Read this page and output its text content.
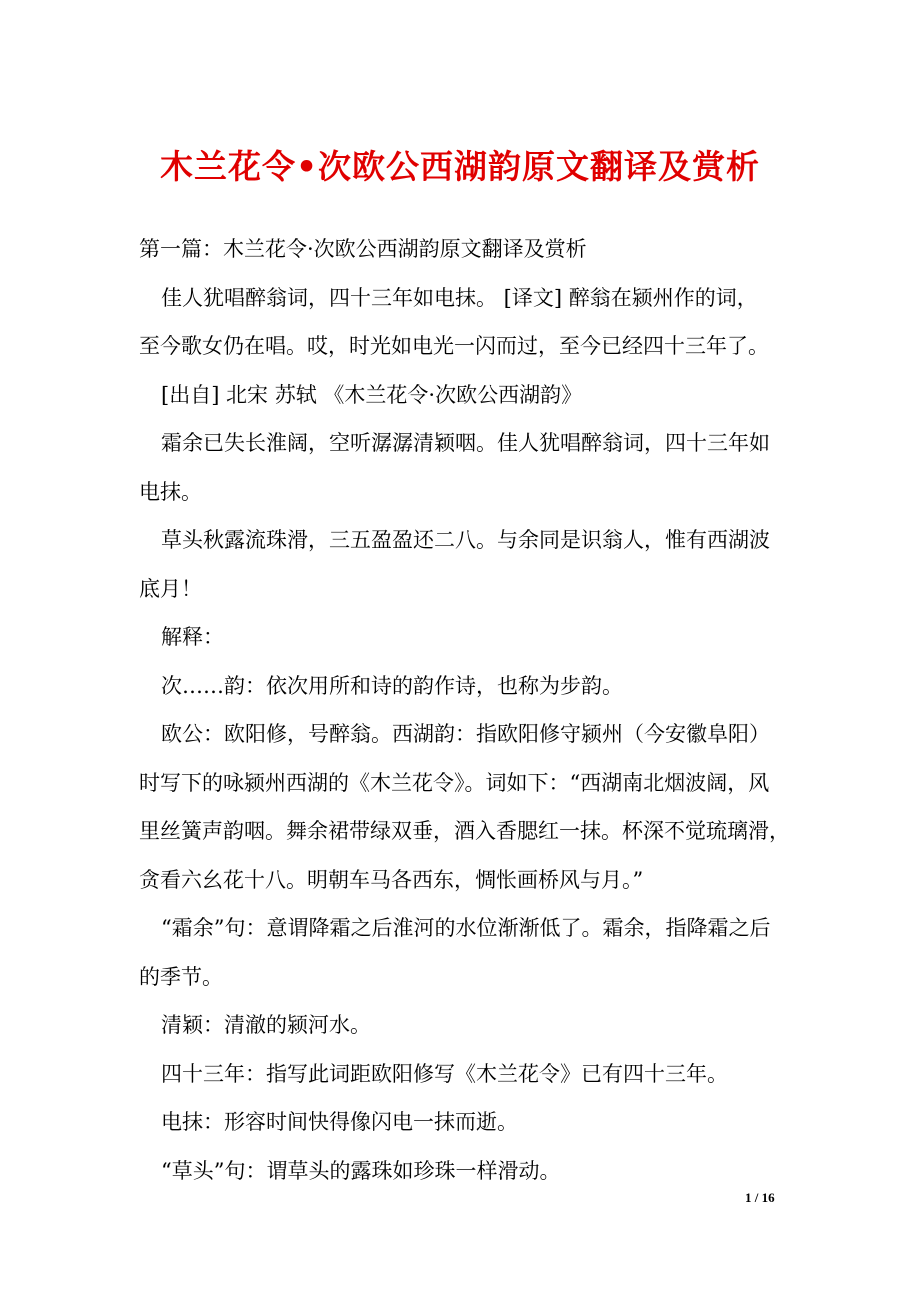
木兰花令•次欧公西湖韵原文翻译及赏析

第一篇：木兰花令·次欧公西湖韵原文翻译及赏析

佳人犹唱醉翁词，四十三年如电抹。 [译文] 醉翁在颍州作的词，

至今歌女仍在唱。哎，时光如电光一闪而过，至今已经四十三年了。

[出自] 北宋 苏轼 《木兰花令·次欧公西湖韵》

霜余已失长淮阔，空听潺潺清颖咽。佳人犹唱醉翁词，四十三年如

电抹。

草头秋露流珠滑，三五盈盈还二八。与余同是识翁人，惟有西湖波

底月！

解释：

次……韵：依次用所和诗的韵作诗，也称为步韵。

欧公：欧阳修，号醉翁。西湖韵：指欧阳修守颍州（今安徽阜阳）

时写下的咏颍州西湖的《木兰花令》。词如下：“西湖南北烟波阔，风

里丝簧声韵咽。舞余裙带绿双垂，酒入香腮红一抹。杯深不觉琉璃滑，

贪看六幺花十八。明朝车马各西东，惆怅画桥风与月。”

“霜余”句：意谓降霜之后淮河的水位渐渐低了。霜余，指降霜之后

的季节。

清颖：清澈的颍河水。

四十三年：指写此词距欧阳修写《木兰花令》已有四十三年。

电抹：形容时间快得像闪电一抹而逝。

“草头”句：谓草头的露珠如珍珠一样滑动。

1 / 16
